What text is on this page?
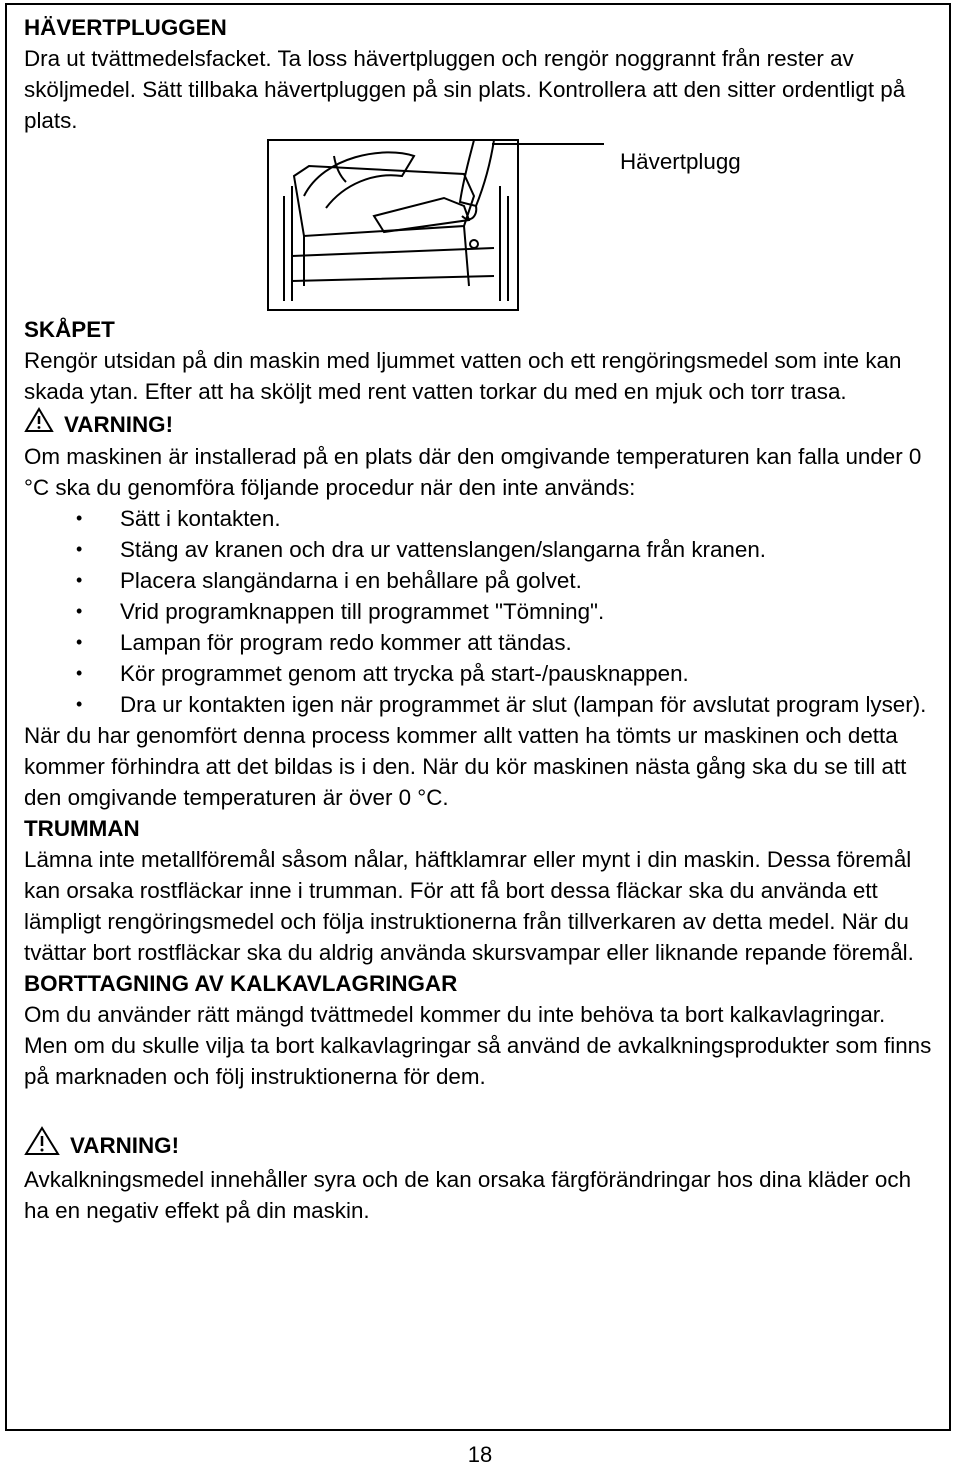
HÄVERTPLUGGEN

Dra ut tvättmedelsfacket. Ta loss hävertpluggen och rengör noggrannt från rester av sköljmedel. Sätt tillbaka hävertpluggen på sin plats. Kontrollera att den sitter ordentligt på plats.

Hävertplugg
SKÅPET

Rengör utsidan på din maskin med ljummet vatten och ett rengöringsmedel som inte kan skada ytan. Efter att ha sköljt med rent vatten torkar du med en mjuk och torr trasa.

VARNING!

Om maskinen är installerad på en plats där den omgivande temperaturen kan falla under 0 °C ska du genomföra följande procedur när den inte används:

• Sätt i kontakten.
• Stäng av kranen och dra ur vattenslangen/slangarna från kranen.
• Placera slangändarna i en behållare på golvet.
• Vrid programknappen till programmet "Tömning".
• Lampan för program redo kommer att tändas.
• Kör programmet genom att trycka på start-/pausknappen.
• Dra ur kontakten igen när programmet är slut (lampan för avslutat program lyser).

När du har genomfört denna process kommer allt vatten ha tömts ur maskinen och detta kommer förhindra att det bildas is i den. När du kör maskinen nästa gång ska du se till att den omgivande temperaturen är över 0 °C.

TRUMMAN

Lämna inte metallföremål såsom nålar, häftklamrar eller mynt i din maskin. Dessa föremål kan orsaka rostfläckar inne i trumman. För att få bort dessa fläckar ska du använda ett lämpligt rengöringsmedel och följa instruktionerna från tillverkaren av detta medel. När du tvättar bort rostfläckar ska du aldrig använda skursvampar eller liknande repande föremål.

BORTTAGNING AV KALKAVLAGRINGAR

Om du använder rätt mängd tvättmedel kommer du inte behöva ta bort kalkavlagringar. Men om du skulle vilja ta bort kalkavlagringar så använd de avkalkningsprodukter som finns på marknaden och följ instruktionerna för dem.

VARNING!

Avkalkningsmedel innehåller syra och de kan orsaka färgförändringar hos dina kläder och ha en negativ effekt på din maskin.

18
